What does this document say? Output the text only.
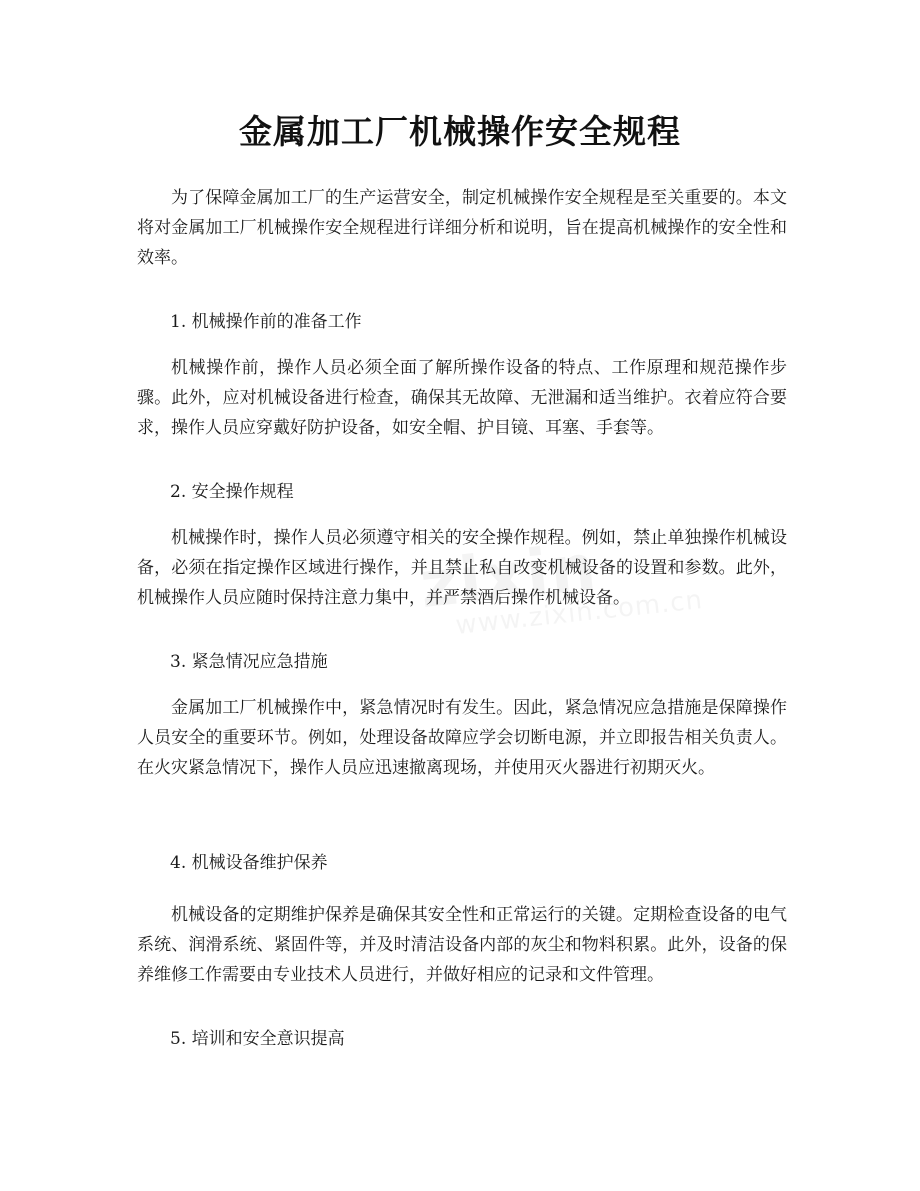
金属加工厂机械操作安全规程

为了保障金属加工厂的生产运营安全，制定机械操作安全规程是至关重要的。本文将对金属加工厂机械操作安全规程进行详细分析和说明，旨在提高机械操作的安全性和效率。

1. 机械操作前的准备工作

机械操作前，操作人员必须全面了解所操作设备的特点、工作原理和规范操作步骤。此外，应对机械设备进行检查，确保其无故障、无泄漏和适当维护。衣着应符合要求，操作人员应穿戴好防护设备，如安全帽、护目镜、耳塞、手套等。

2. 安全操作规程

机械操作时，操作人员必须遵守相关的安全操作规程。例如，禁止单独操作机械设备，必须在指定操作区域进行操作，并且禁止私自改变机械设备的设置和参数。此外，机械操作人员应随时保持注意力集中，并严禁酒后操作机械设备。

3. 紧急情况应急措施

金属加工厂机械操作中，紧急情况时有发生。因此，紧急情况应急措施是保障操作人员安全的重要环节。例如，处理设备故障应学会切断电源，并立即报告相关负责人。在火灾紧急情况下，操作人员应迅速撤离现场，并使用灭火器进行初期灭火。

4. 机械设备维护保养

机械设备的定期维护保养是确保其安全性和正常运行的关键。定期检查设备的电气系统、润滑系统、紧固件等，并及时清洁设备内部的灰尘和物料积累。此外，设备的保养维修工作需要由专业技术人员进行，并做好相应的记录和文件管理。

5. 培训和安全意识提高
